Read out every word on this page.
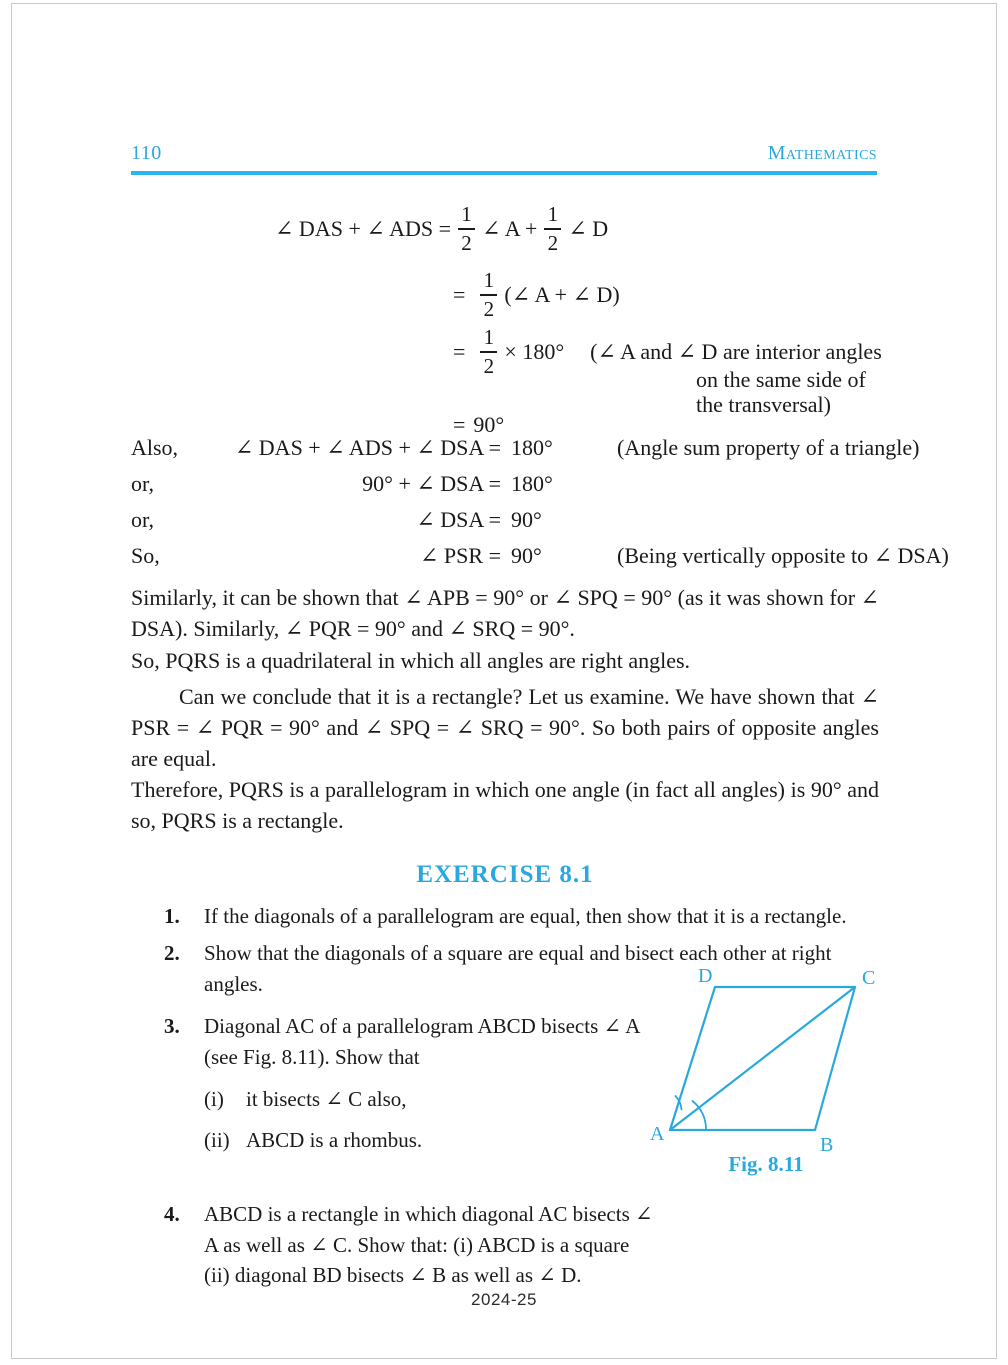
110	Mathematics
∠ DAS + ∠ ADS = $\frac{1}{2}$ ∠ $A + \frac{1}{2}$ ∠ D
= $\frac{1}{2}$ (∠ A + ∠ D)
= $\frac{1}{2} \times 180^\circ$ (∠ A and ∠ D are interior angles
on the same side of the transversal)
= 90°
Also,	∠ DAS + ∠ ADS + ∠ DSA = 180°	(Angle sum property of a triangle)
or,	90° + ∠ DSA = 180°
or,	∠ DSA = 90°
So,	∠ PSR = 90°	(Being vertically opposite to ∠ DSA)
Similarly, it can be shown that ∠ APB = 90° or ∠ SPQ = 90° (as it was shown for ∠ DSA). Similarly, ∠ PQR = 90° and ∠ SRQ = 90°.
So, PQRS is a quadrilateral in which all angles are right angles.
Can we conclude that it is a rectangle? Let us examine. We have shown that ∠ PSR = ∠ PQR = 90° and ∠ SPQ = ∠ SRQ = 90°. So both pairs of opposite angles are equal.
Therefore, PQRS is a parallelogram in which one angle (in fact all angles) is 90° and so, PQRS is a rectangle.
EXERCISE 8.1
1.	If the diagonals of a parallelogram are equal, then show that it is a rectangle.
2.	Show that the diagonals of a square are equal and bisect each other at right angles.
3.	Diagonal AC of a parallelogram ABCD bisects ∠ A (see Fig. 8.11). Show that
(i)	it bisects ∠ C also,
(ii) ABCD is a rhombus.
4.	ABCD is a rectangle in which diagonal AC bisects ∠ A as well as ∠ C. Show that: (i) ABCD is a square (ii) diagonal BD bisects ∠ B as well as ∠ D.
D	C
A	B
Fig. 8.11
2024-25
